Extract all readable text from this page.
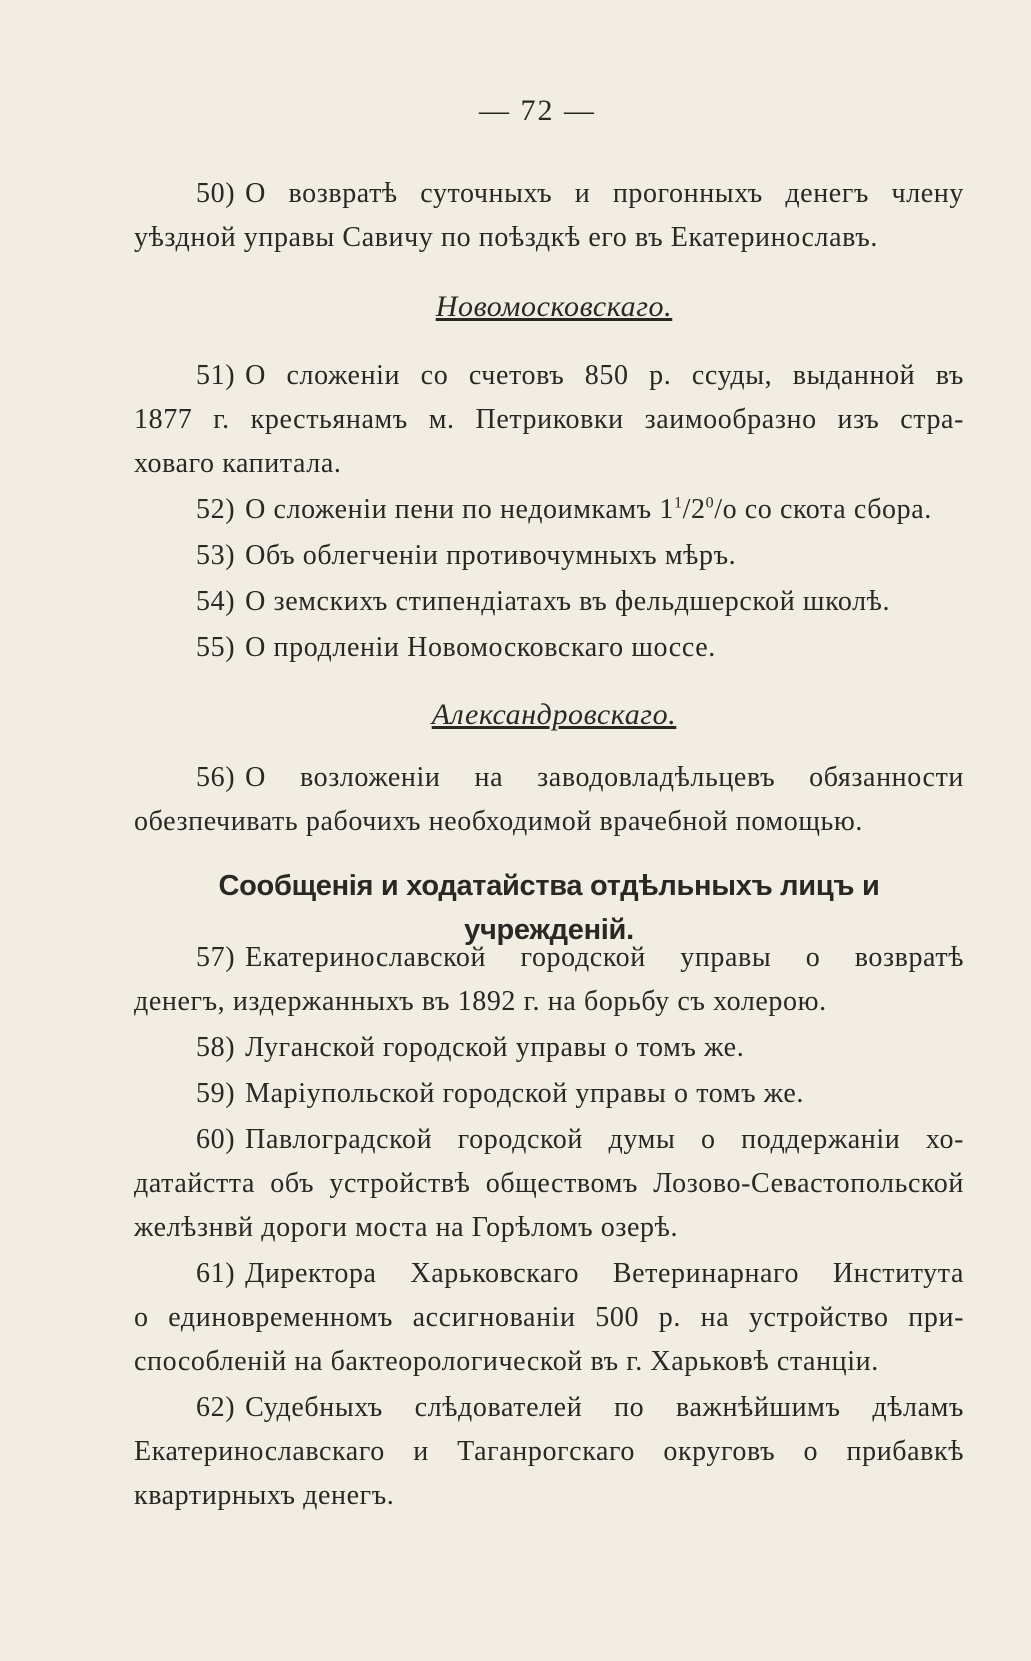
— 72 —
50) О возвратѣ суточныхъ и прогонныхъ денегъ члену
уѣздной управы Савичу по поѣздкѣ его въ Екатеринославъ.
Новомосковскаго.
51) О сложеніи со счетовъ 850 р. ссуды, выданной въ
1877 г. крестьянамъ м. Петриковки заимообразно изъ стра-
ховаго капитала.
52) О сложеніи пени по недоимкамъ $1^1/2^0/о$ со скота сбора.
53) Объ облегченіи противочумныхъ мѣръ.
54) О земскихъ стипендіатахъ въ фельдшерской школѣ.
55) О продленіи Новомосковскаго шоссе.
Александровскаго.
56) О возложеніи на заводовладѣльцевъ обязанности
обезпечивать рабочихъ необходимой врачебной помощью.
Сообщенія и ходатайства отдѣльныхъ лицъ и учрежденій.
57) Екатеринославской городской управы о возвратѣ
денегъ, издержанныхъ въ 1892 г. на борьбу съ холерою.
58) Луганской городской управы о томъ же.
59) Маріупольской городской управы о томъ же.
60) Павлоградской городской думы о поддержаніи хо-
датайстта объ устройствѣ обществомъ Лозово-Севастопольской
желѣзнвй дороги моста на Горѣломъ озерѣ.
61) Директора Харьковскаго Ветеринарнаго Института
о единовременномъ ассигнованіи 500 р. на устройство при-
способленій на бактеорологической въ г. Харьковѣ станціи.
62) Судебныхъ слѣдователей по важнѣйшимъ дѣламъ
Екатеринославскаго и Таганрогскаго округовъ о прибавкѣ
квартирныхъ денегъ.
